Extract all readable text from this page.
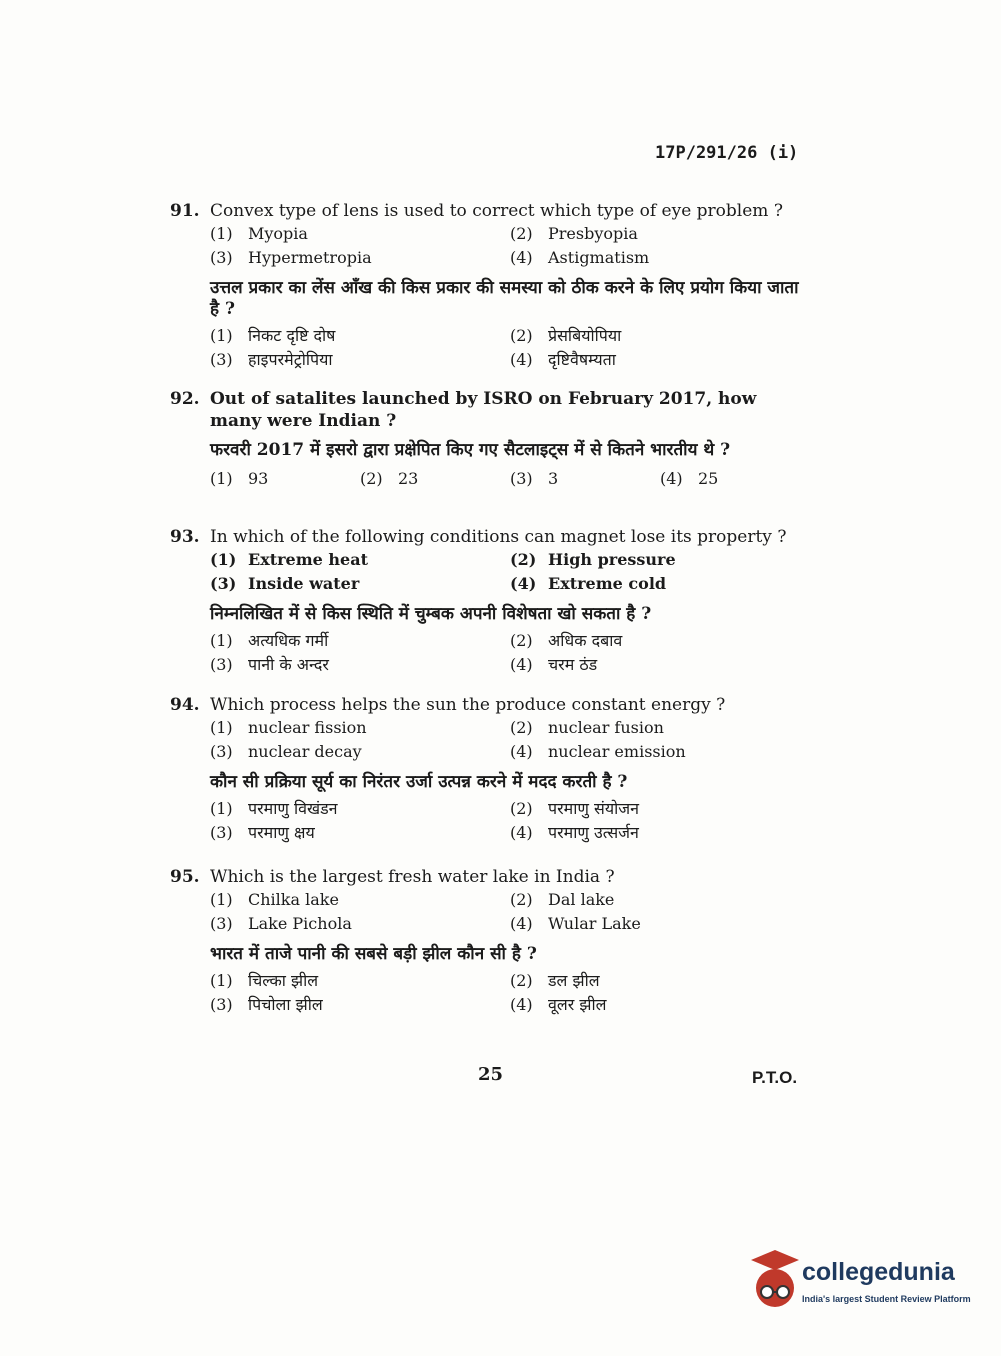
17P/291/26 (i)
91. Convex type of lens is used to correct which type of eye problem ?
(1) Myopia	(2) Presbyopia
(3) Hypermetropia	(4) Astigmatism
उत्तल प्रकार का लेंस आँख की किस प्रकार की समस्या को ठीक करने के लिए प्रयोग किया जाता है ?
(1) निकट दृष्टि दोष	(2) प्रेसबियोपिया
(3) हाइपरमेट्रोपिया	(4) दृष्टिवैषम्यता
92. Out of satalites launched by ISRO on February 2017, how many were Indian ?
फरवरी 2017 में इसरो द्वारा प्रक्षेपित किए गए सैटलाइट्स में से कितने भारतीय थे ?
(1) 93	(2) 23	(3) 3	(4) 25
93. In which of the following conditions can magnet lose its property ?
(1) Extreme heat	(2) High pressure
(3) Inside water	(4) Extreme cold
निम्नलिखित में से किस स्थिति में चुम्बक अपनी विशेषता खो सकता है ?
(1) अत्यधिक गर्मी	(2) अधिक दबाव
(3) पानी के अन्दर	(4) चरम ठंड
94. Which process helps the sun the produce constant energy ?
(1) nuclear fission	(2) nuclear fusion
(3) nuclear decay	(4) nuclear emission
कौन सी प्रक्रिया सूर्य का निरंतर उर्जा उत्पन्न करने में मदद करती है ?
(1) परमाणु विखंडन	(2) परमाणु संयोजन
(3) परमाणु क्षय	(4) परमाणु उत्सर्जन
95. Which is the largest fresh water lake in India ?
(1) Chilka lake	(2) Dal lake
(3) Lake Pichola	(4) Wular Lake
भारत में ताजे पानी की सबसे बड़ी झील कौन सी है ?
(1) चिल्का झील	(2) डल झील
(3) पिचोला झील	(4) वूलर झील
25	P.T.O.
collegedunia
India's largest Student Review Platform
